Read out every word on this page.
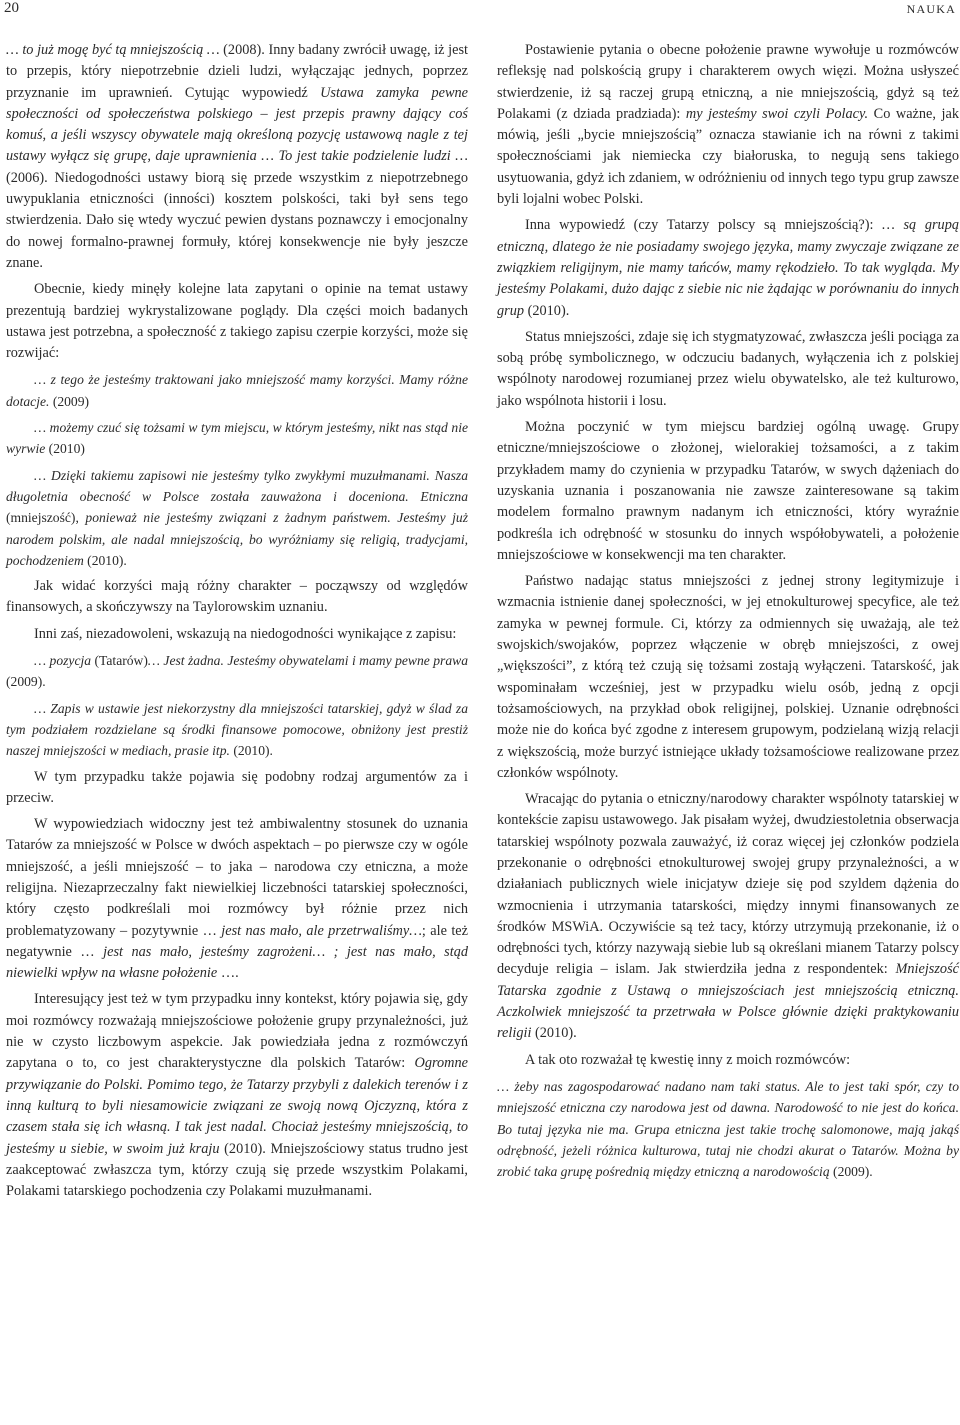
20	NAUKA

… to już mogę być tą mniejszością … (2008). Inny badany zwrócił uwagę, iż jest to przepis, który niepotrzebnie dzieli ludzi, wyłączając jednych, poprzez przyznanie im uprawnień. Cytując wypowiedź Ustawa zamyka pewne społeczności od społeczeństwa polskiego – jest przepis prawny dający coś komuś, a jeśli wszyscy obywatele mają określoną pozycję ustawową nagle z tej ustawy wyłącz się grupę, daje uprawnienia … To jest takie podzielenie ludzi … (2006). Niedogodności ustawy biorą się przede wszystkim z niepotrzebnego uwypuklania etniczności (inności) kosztem polskości, taki był sens tego stwierdzenia. Dało się wtedy wyczuć pewien dystans poznawczy i emocjonalny do nowej formalno-prawnej formuły, której konsekwencje nie były jeszcze znane.

Obecnie, kiedy minęły kolejne lata zapytani o opinie na temat ustawy prezentują bardziej wykrystalizowane poglądy. Dla części moich badanych ustawa jest potrzebna, a społeczność z takiego zapisu czerpie korzyści, może się rozwijać:

… z tego że jesteśmy traktowani jako mniejszość mamy korzyści. Mamy różne dotacje. (2009)

… możemy czuć się tożsami w tym miejscu, w którym jesteśmy, nikt nas stąd nie wyrwie (2010)

… Dzięki takiemu zapisowi nie jesteśmy tylko zwykłymi muzułmanami. Nasza długoletnia obecność w Polsce została zauważona i doceniona. Etniczna (mniejszość), ponieważ nie jesteśmy związani z żadnym państwem. Jesteśmy już narodem polskim, ale nadal mniejszością, bo wyróżniamy się religią, tradycjami, pochodzeniem (2010).

Jak widać korzyści mają różny charakter – począwszy od względów finansowych, a skończywszy na Taylorowskim uznaniu.

Inni zaś, niezadowoleni, wskazują na niedogodności wynikające z zapisu:

… pozycja (Tatarów)… Jest żadna. Jesteśmy obywatelami i mamy pewne prawa (2009).

… Zapis w ustawie jest niekorzystny dla mniejszości tatarskiej, gdyż w ślad za tym podziałem rozdzielane są środki finansowe pomocowe, obniżony jest prestiż naszej mniejszości w mediach, prasie itp. (2010).

W tym przypadku także pojawia się podobny rodzaj argumentów za i przeciw.

W wypowiedziach widoczny jest też ambiwalentny stosunek do uznania Tatarów za mniejszość w Polsce w dwóch aspektach – po pierwsze czy w ogóle mniejszość, a jeśli mniejszość – to jaka – narodowa czy etniczna, a może religijna. Niezaprzeczalny fakt niewielkiej liczebności tatarskiej społeczności, który często podkreślali moi rozmówcy był różnie przez nich problematyzowany – pozytywnie … jest nas mało, ale przetrwaliśmy…; ale też negatywnie … jest nas mało, jesteśmy zagrożeni… ; jest nas mało, stąd niewielki wpływ na własne położenie ….

Interesujący jest też w tym przypadku inny kontekst, który pojawia się, gdy moi rozmówcy rozważają mniejszościowe położenie grupy przynależności, już nie w czysto liczbowym aspekcie. Jak powiedziała jedna z rozmówczyń zapytana o to, co jest charakterystyczne dla polskich Tatarów: Ogromne przywiązanie do Polski. Pomimo tego, że Tatarzy przybyli z dalekich terenów i z inną kulturą to byli niesamowicie związani ze swoją nową Ojczyzną, która z czasem stała się ich własną. I tak jest nadal. Chociaż jesteśmy mniejszością, to jesteśmy u siebie, w swoim już kraju (2010). Mniejszościowy status trudno jest zaakceptować zwłaszcza tym, którzy czują się przede wszystkim Polakami, Polakami tatarskiego pochodzenia czy Polakami muzułmanami.

Postawienie pytania o obecne położenie prawne wywołuje u rozmówców refleksję nad polskością grupy i charakterem owych więzi. Można usłyszeć stwierdzenie, iż są raczej grupą etniczną, a nie mniejszością, gdyż są też Polakami (z dziada pradziada): my jesteśmy swoi czyli Polacy. Co ważne, jak mówią, jeśli „bycie mniejszością” oznacza stawianie ich na równi z takimi społecznościami jak niemiecka czy białoruska, to negują sens takiego usytuowania, gdyż ich zdaniem, w odróżnieniu od innych tego typu grup zawsze byli lojalni wobec Polski.

Inna wypowiedź (czy Tatarzy polscy są mniejszością?): … są grupą etniczną, dlatego że nie posiadamy swojego języka, mamy zwyczaje związane ze związkiem religijnym, nie mamy tańców, mamy rękodzieło. To tak wygląda. My jesteśmy Polakami, dużo dając z siebie nic nie żądając w porównaniu do innych grup (2010).

Status mniejszości, zdaje się ich stygmatyzować, zwłaszcza jeśli pociąga za sobą próbę symbolicznego, w odczuciu badanych, wyłączenia ich z polskiej wspólnoty narodowej rozumianej przez wielu obywatelsko, ale też kulturowo, jako wspólnota historii i losu.

Można poczynić w tym miejscu bardziej ogólną uwagę. Grupy etniczne/mniejszościowe o złożonej, wielorakiej tożsamości, a z takim przykładem mamy do czynienia w przypadku Tatarów, w swych dążeniach do uzyskania uznania i poszanowania nie zawsze zainteresowane są takim modelem formalno prawnym nadanym ich etniczności, który wyraźnie podkreśla ich odrębność w stosunku do innych współobywateli, a położenie mniejszościowe w konsekwencji ma ten charakter.

Państwo nadając status mniejszości z jednej strony legitymizuje i wzmacnia istnienie danej społeczności, w jej etnokulturowej specyfice, ale też zamyka w pewnej formule. Ci, którzy za odmiennych się uważają, ale też swojskich/swojaków, poprzez włączenie w obręb mniejszości, z owej „większości”, z którą też czują się tożsami zostają wyłączeni. Tatarskość, jak wspominałam wcześniej, jest w przypadku wielu osób, jedną z opcji tożsamościowych, na przykład obok religijnej, polskiej. Uznanie odrębności może nie do końca być zgodne z interesem grupowym, podzielaną wizją relacji z większością, może burzyć istniejące układy tożsamościowe realizowane przez członków wspólnoty.

Wracając do pytania o etniczny/narodowy charakter wspólnoty tatarskiej w kontekście zapisu ustawowego. Jak pisałam wyżej, dwudziestoletnia obserwacja tatarskiej wspólnoty pozwala zauważyć, iż coraz więcej jej członków podziela przekonanie o odrębności etnokulturowej swojej grupy przynależności, a w działaniach publicznych wiele inicjatyw dzieje się pod szyldem dążenia do wzmocnienia i utrzymania tatarskości, między innymi finansowanych ze środków MSWiA. Oczywiście są też tacy, którzy utrzymują przekonanie, iż o odrębności tych, którzy nazywają siebie lub są określani mianem Tatarzy polscy decyduje religia – islam. Jak stwierdziła jedna z respondentek: Mniejszość Tatarska zgodnie z Ustawą o mniejszościach jest mniejszością etniczną. Aczkolwiek mniejszość ta przetrwała w Polsce głównie dzięki praktykowaniu religii (2010).

A tak oto rozważał tę kwestię inny z moich rozmówców:

… żeby nas zagospodarować nadano nam taki status. Ale to jest taki spór, czy to mniejszość etniczna czy narodowa jest od dawna. Narodowość to nie jest do końca. Bo tutaj języka nie ma. Grupa etniczna jest takie trochę salomonowe, mają jakąś odrębność, jeżeli różnica kulturowa, tutaj nie chodzi akurat o Tatarów. Można by zrobić taka grupę pośrednią między etniczną a narodowością (2009).
